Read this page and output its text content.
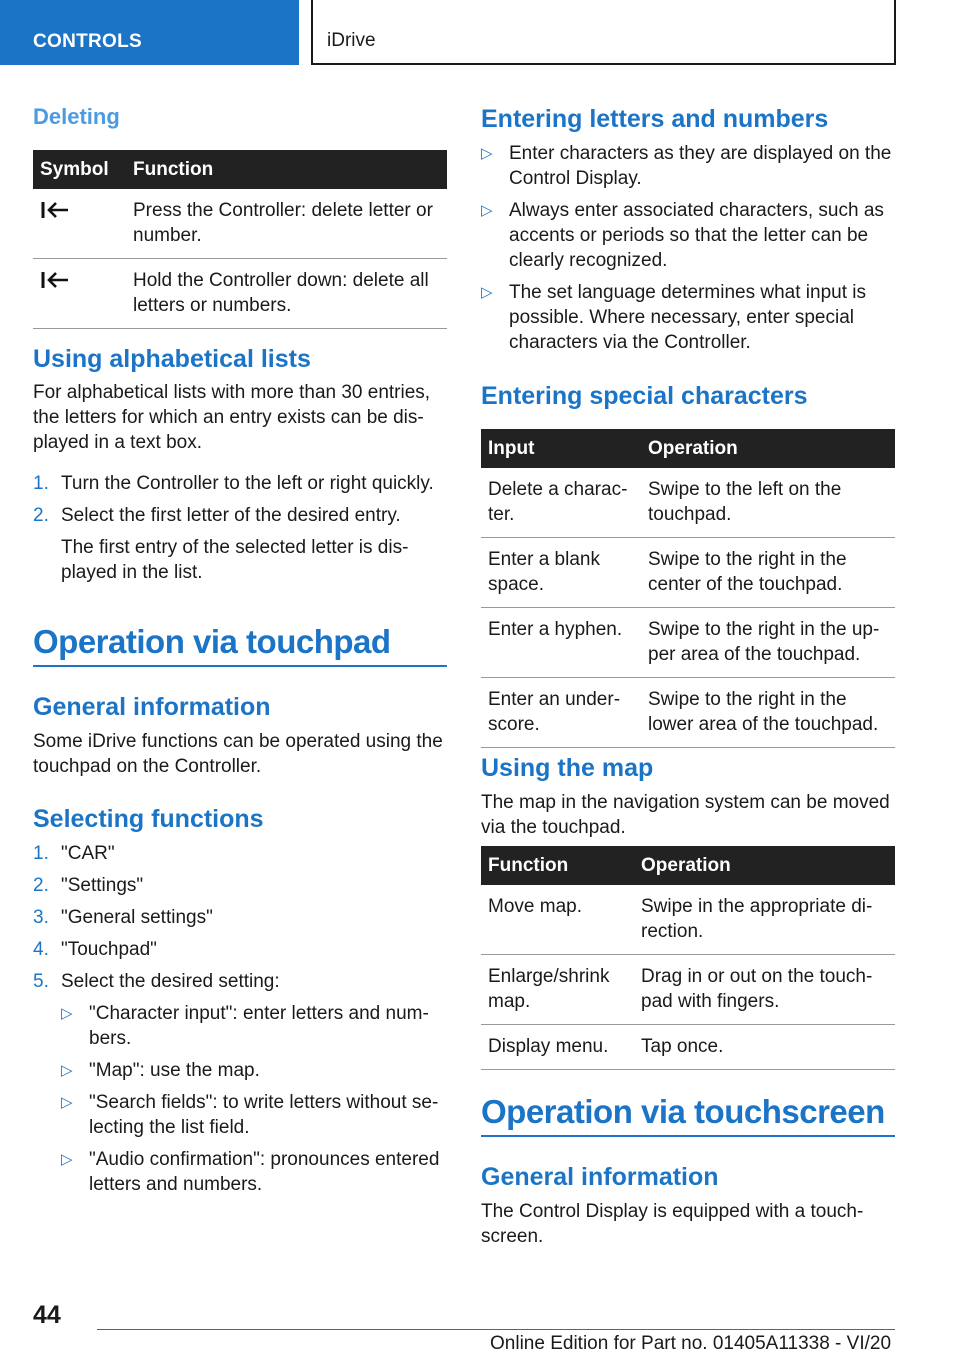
CONTROLS	iDrive
Deleting
Symbol	Function
	Press the Controller: delete letter or number.
	Hold the Controller down: delete all letters or numbers.
Using alphabetical lists
For alphabetical lists with more than 30 entries, the letters for which an entry exists can be displayed in a text box.
1. Turn the Controller to the left or right quickly.
2. Select the first letter of the desired entry.
The first entry of the selected letter is displayed in the list.
Operation via touchpad
General information
Some iDrive functions can be operated using the touchpad on the Controller.
Selecting functions
1. "CAR"
2. "Settings"
3. "General settings"
4. "Touchpad"
5. Select the desired setting:
▷ "Character input": enter letters and numbers.
▷ "Map": use the map.
▷ "Search fields": to write letters without selecting the list field.
▷ "Audio confirmation": pronounces entered letters and numbers.
Entering letters and numbers
▷ Enter characters as they are displayed on the Control Display.
▷ Always enter associated characters, such as accents or periods so that the letter can be clearly recognized.
▷ The set language determines what input is possible. Where necessary, enter special characters via the Controller.
Entering special characters
Input	Operation
Delete a character.	Swipe to the left on the touchpad.
Enter a blank space.	Swipe to the right in the center of the touchpad.
Enter a hyphen.	Swipe to the right in the upper area of the touchpad.
Enter an underscore.	Swipe to the right in the lower area of the touchpad.
Using the map
The map in the navigation system can be moved via the touchpad.
Function	Operation
Move map.	Swipe in the appropriate direction.
Enlarge/shrink map.	Drag in or out on the touchpad with fingers.
Display menu.	Tap once.
Operation via touchscreen
General information
The Control Display is equipped with a touchscreen.
44
Online Edition for Part no. 01405A11338 - VI/20
